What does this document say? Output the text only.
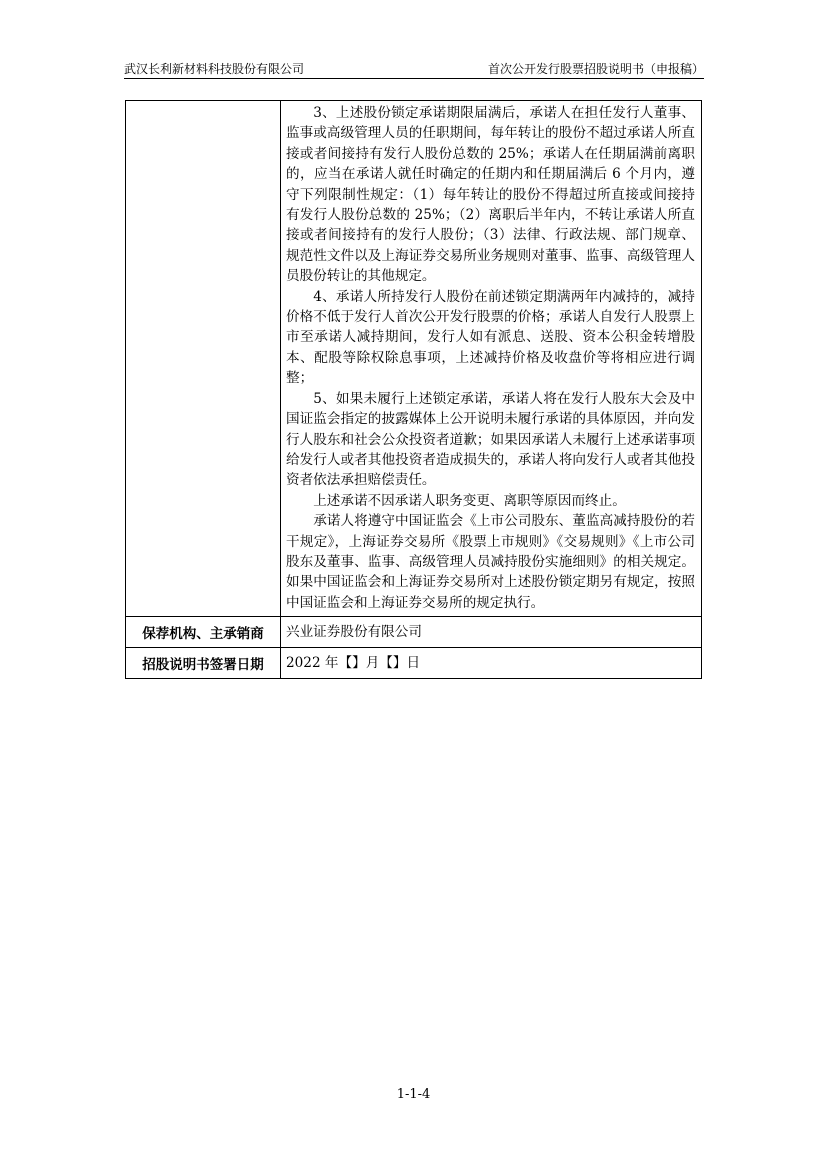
武汉长利新材料科技股份有限公司	首次公开发行股票招股说明书（申报稿）

	3、上述股份锁定承诺期限届满后，承诺人在担任发行人董事、监事或高级管理人员的任职期间，每年转让的股份不超过承诺人所直接或者间接持有发行人股份总数的 25%；承诺人在任期届满前离职的，应当在承诺人就任时确定的任期内和任期届满后 6 个月内，遵守下列限制性规定：（1）每年转让的股份不得超过所直接或间接持有发行人股份总数的 25%；（2）离职后半年内，不转让承诺人所直接或者间接持有的发行人股份；（3）法律、行政法规、部门规章、规范性文件以及上海证券交易所业务规则对董事、监事、高级管理人员股份转让的其他规定。

4、承诺人所持发行人股份在前述锁定期满两年内减持的，减持价格不低于发行人首次公开发行股票的价格；承诺人自发行人股票上市至承诺人减持期间，发行人如有派息、送股、资本公积金转增股本、配股等除权除息事项，上述减持价格及收盘价等将相应进行调整；

5、如果未履行上述锁定承诺，承诺人将在发行人股东大会及中国证监会指定的披露媒体上公开说明未履行承诺的具体原因，并向发行人股东和社会公众投资者道歉；如果因承诺人未履行上述承诺事项给发行人或者其他投资者造成损失的，承诺人将向发行人或者其他投资者依法承担赔偿责任。

上述承诺不因承诺人职务变更、离职等原因而终止。

承诺人将遵守中国证监会《上市公司股东、董监高减持股份的若干规定》，上海证券交易所《股票上市规则》《交易规则》《上市公司股东及董事、监事、高级管理人员减持股份实施细则》的相关规定。如果中国证监会和上海证券交易所对上述股份锁定期另有规定，按照中国证监会和上海证券交易所的规定执行。

保荐机构、主承销商	兴业证券股份有限公司
招股说明书签署日期	2022 年【】月【】日
1-1-4
